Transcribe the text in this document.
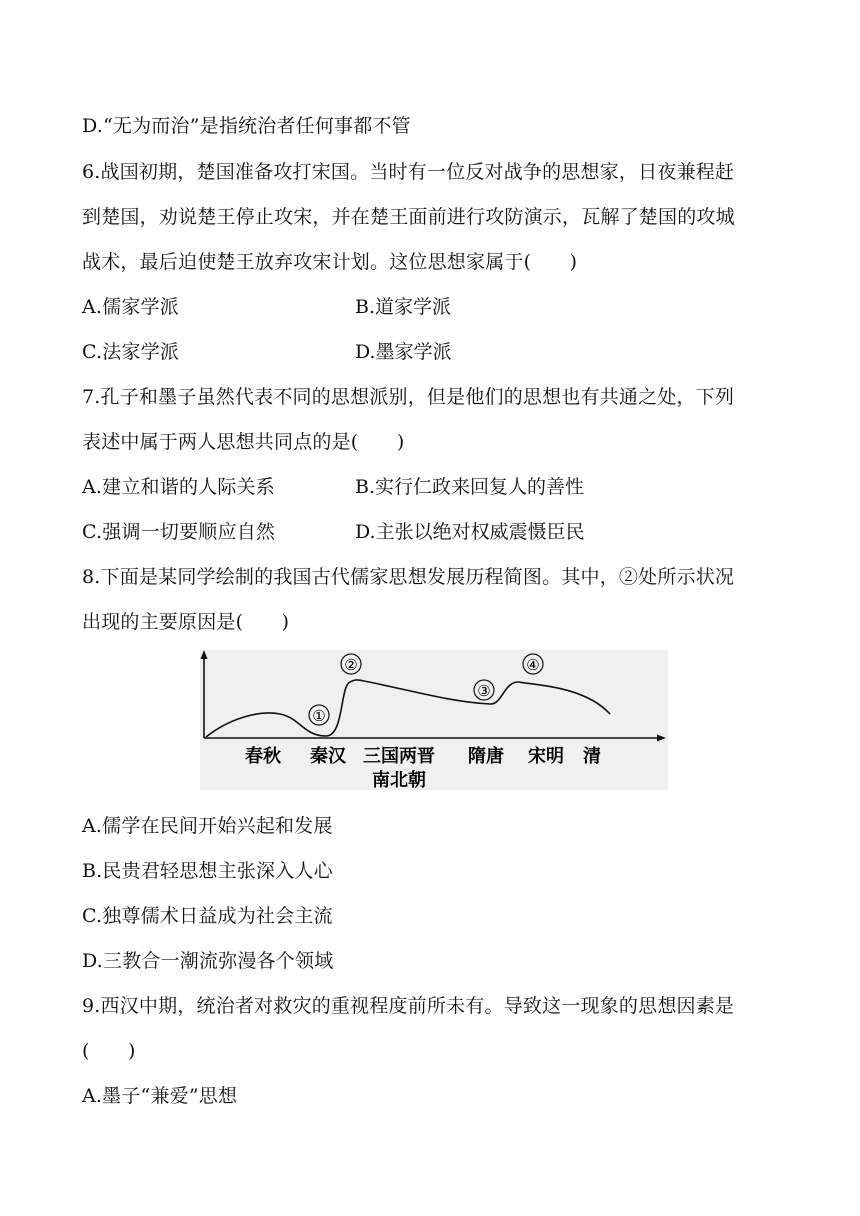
D.“无为而治”是指统治者任何事都不管
6.战国初期，楚国准备攻打宋国。当时有一位反对战争的思想家，日夜兼程赶
到楚国，劝说楚王停止攻宋，并在楚王面前进行攻防演示，瓦解了楚国的攻城
战术，最后迫使楚王放弃攻宋计划。这位思想家属于(　　)
A.儒家学派	B.道家学派
C.法家学派	D.墨家学派
7.孔子和墨子虽然代表不同的思想派别，但是他们的思想也有共通之处，下列
表述中属于两人思想共同点的是(　　)
A.建立和谐的人际关系	B.实行仁政来回复人的善性
C.强调一切要顺应自然	D.主张以绝对权威震慑臣民
8.下面是某同学绘制的我国古代儒家思想发展历程简图。其中，②处所示状况
出现的主要原因是(　　)
①
②
③
④
春秋 秦汉 三国两晋
南北朝
隋唐 宋明 清
A.儒学在民间开始兴起和发展
B.民贵君轻思想主张深入人心
C.独尊儒术日益成为社会主流
D.三教合一潮流弥漫各个领域
9.西汉中期，统治者对救灾的重视程度前所未有。导致这一现象的思想因素是
(　　)
A.墨子“兼爱”思想
